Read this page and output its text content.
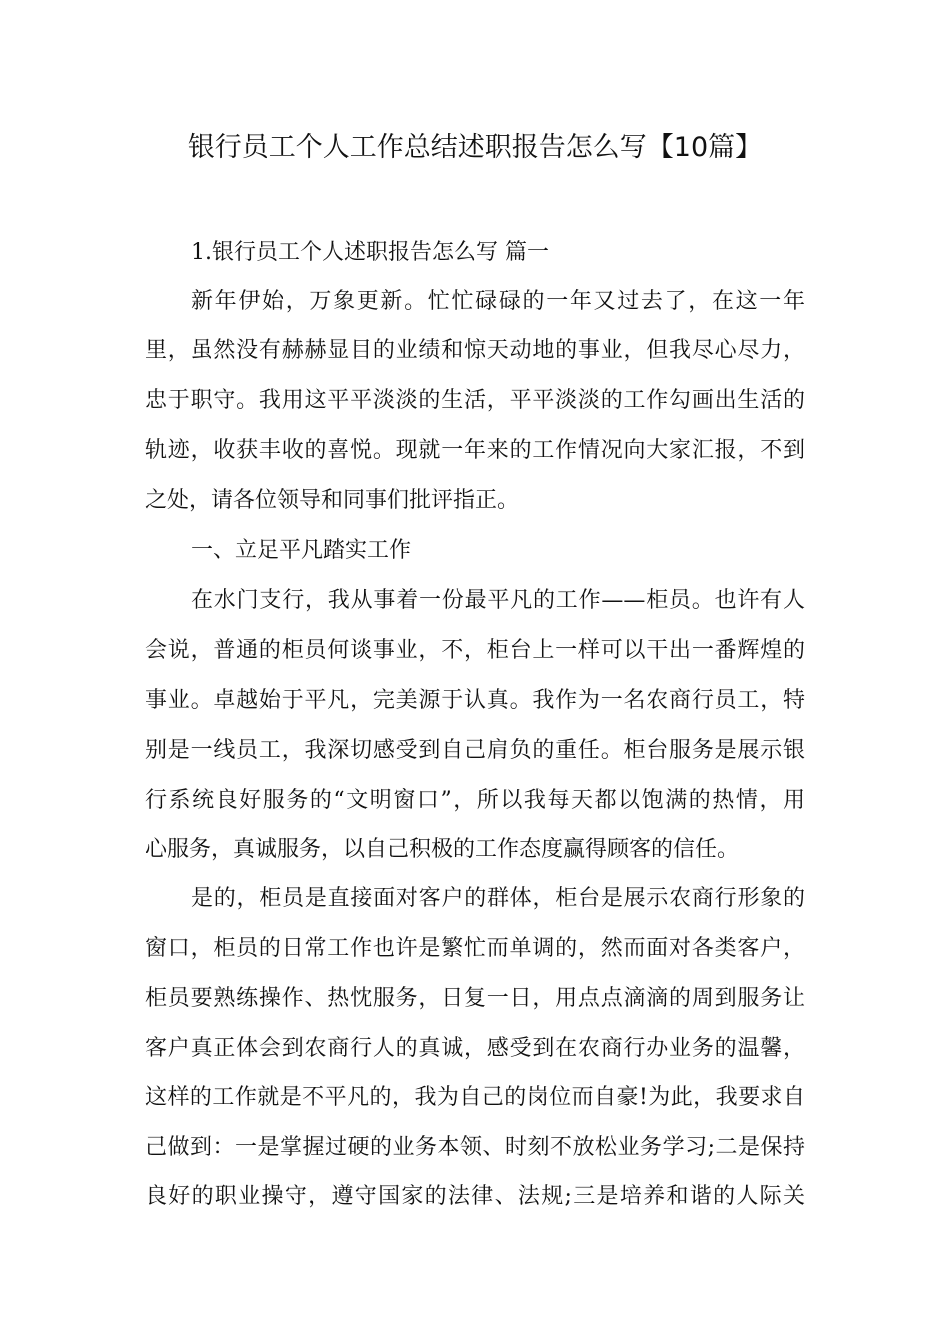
银行员工个人工作总结述职报告怎么写【10篇】
1.银行员工个人述职报告怎么写 篇一
新年伊始，万象更新。忙忙碌碌的一年又过去了，在这一年
里，虽然没有赫赫显目的业绩和惊天动地的事业，但我尽心尽力，
忠于职守。我用这平平淡淡的生活，平平淡淡的工作勾画出生活的
轨迹，收获丰收的喜悦。现就一年来的工作情况向大家汇报，不到
之处，请各位领导和同事们批评指正。
一、立足平凡踏实工作
在水门支行，我从事着一份最平凡的工作——柜员。也许有人
会说，普通的柜员何谈事业，不，柜台上一样可以干出一番辉煌的
事业。卓越始于平凡，完美源于认真。我作为一名农商行员工，特
别是一线员工，我深切感受到自己肩负的重任。柜台服务是展示银
行系统良好服务的“文明窗口”，所以我每天都以饱满的热情，用
心服务，真诚服务，以自己积极的工作态度赢得顾客的信任。
是的，柜员是直接面对客户的群体，柜台是展示农商行形象的
窗口，柜员的日常工作也许是繁忙而单调的，然而面对各类客户，
柜员要熟练操作、热忱服务，日复一日，用点点滴滴的周到服务让
客户真正体会到农商行人的真诚，感受到在农商行办业务的温馨，
这样的工作就是不平凡的，我为自己的岗位而自豪!为此，我要求自
己做到：一是掌握过硬的业务本领、时刻不放松业务学习;二是保持
良好的职业操守，遵守国家的法律、法规;三是培养和谐的人际关
